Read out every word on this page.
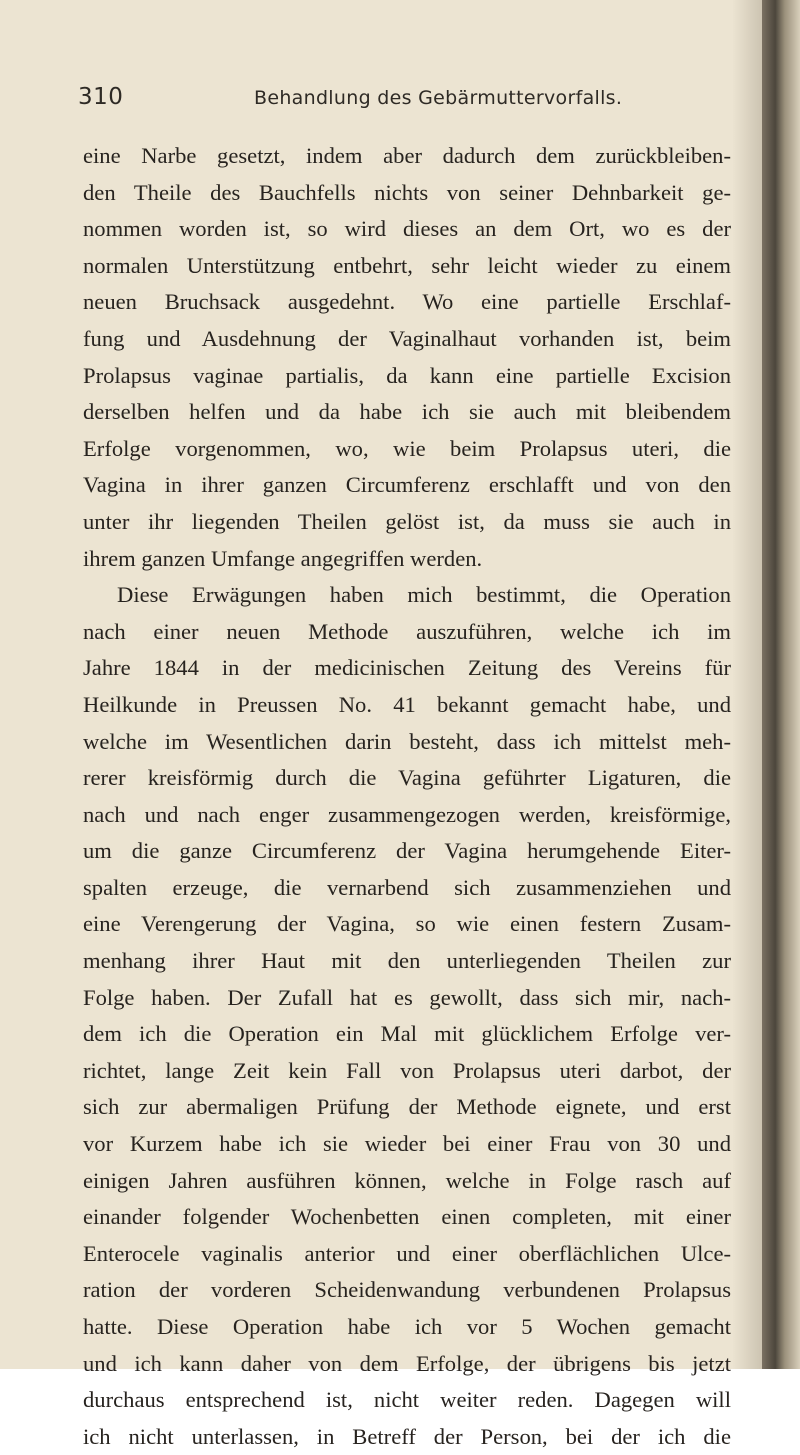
310	Behandlung des Gebärmuttervorfalls.
eine Narbe gesetzt, indem aber dadurch dem zurückbleiben-
den Theile des Bauchfells nichts von seiner Dehnbarkeit ge-
nommen worden ist, so wird dieses an dem Ort, wo es der
normalen Unterstützung entbehrt, sehr leicht wieder zu einem
neuen Bruchsack ausgedehnt. Wo eine partielle Erschlaf-
fung und Ausdehnung der Vaginalhaut vorhanden ist, beim
Prolapsus vaginae partialis, da kann eine partielle Excision
derselben helfen und da habe ich sie auch mit bleibendem
Erfolge vorgenommen, wo, wie beim Prolapsus uteri, die
Vagina in ihrer ganzen Circumferenz erschlafft und von den
unter ihr liegenden Theilen gelöst ist, da muss sie auch in
ihrem ganzen Umfange angegriffen werden.
Diese Erwägungen haben mich bestimmt, die Operation
nach einer neuen Methode auszuführen, welche ich im
Jahre 1844 in der medicinischen Zeitung des Vereins für
Heilkunde in Preussen No. 41 bekannt gemacht habe, und
welche im Wesentlichen darin besteht, dass ich mittelst meh-
rerer kreisförmig durch die Vagina geführter Ligaturen, die
nach und nach enger zusammengezogen werden, kreisförmige,
um die ganze Circumferenz der Vagina herumgehende Eiter-
spalten erzeuge, die vernarbend sich zusammenziehen und
eine Verengerung der Vagina, so wie einen festern Zusam-
menhang ihrer Haut mit den unterliegenden Theilen zur
Folge haben. Der Zufall hat es gewollt, dass sich mir, nach-
dem ich die Operation ein Mal mit glücklichem Erfolge ver-
richtet, lange Zeit kein Fall von Prolapsus uteri darbot, der
sich zur abermaligen Prüfung der Methode eignete, und erst
vor Kurzem habe ich sie wieder bei einer Frau von 30 und
einigen Jahren ausführen können, welche in Folge rasch auf
einander folgender Wochenbetten einen completen, mit einer
Enterocele vaginalis anterior und einer oberflächlichen Ulce-
ration der vorderen Scheidenwandung verbundenen Prolapsus
hatte. Diese Operation habe ich vor 5 Wochen gemacht
und ich kann daher von dem Erfolge, der übrigens bis jetzt
durchaus entsprechend ist, nicht weiter reden. Dagegen will
ich nicht unterlassen, in Betreff der Person, bei der ich die
